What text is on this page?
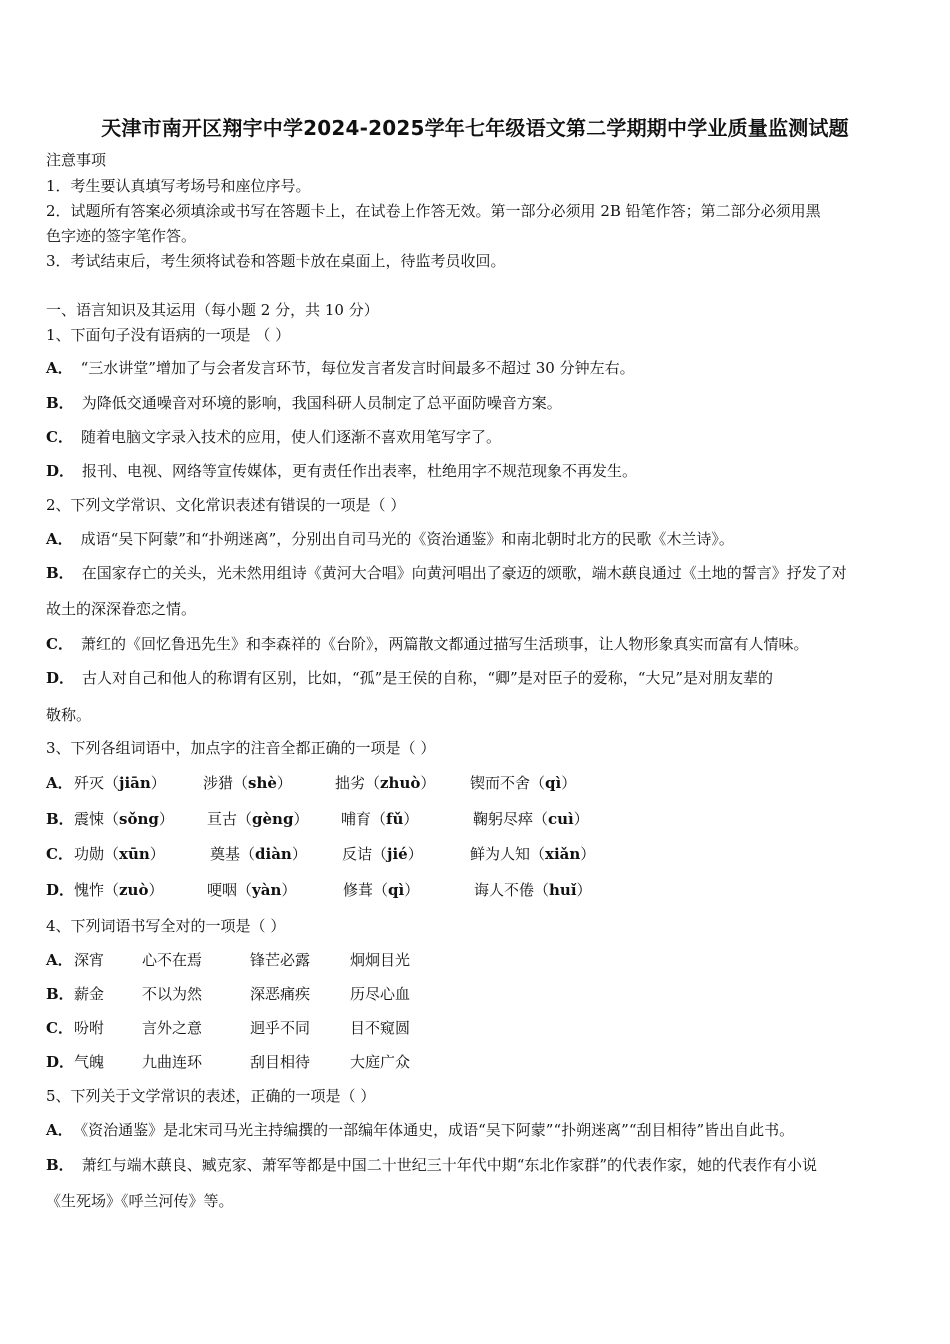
天津市南开区翔宇中学2024-2025学年七年级语文第二学期期中学业质量监测试题
注意事项
1．考生要认真填写考场号和座位序号。
2．试题所有答案必须填涂或书写在答题卡上，在试卷上作答无效。第一部分必须用 2B 铅笔作答；第二部分必须用黑
色字迹的签字笔作答。
3．考试结束后，考生须将试卷和答题卡放在桌面上，待监考员收回。
一、语言知识及其运用（每小题 2 分，共 10 分）
1、下面句子没有语病的一项是 （ ）
A． “三水讲堂”增加了与会者发言环节，每位发言者发言时间最多不超过 30 分钟左右。
B． 为降低交通噪音对环境的影响，我国科研人员制定了总平面防噪音方案。
C． 随着电脑文字录入技术的应用，使人们逐渐不喜欢用笔写字了。
D． 报刊、电视、网络等宣传媒体，更有责任作出表率，杜绝用字不规范现象不再发生。
2、下列文学常识、文化常识表述有错误的一项是（ ）
A． 成语“吴下阿蒙”和“扑朔迷离”，分别出自司马光的《资治通鉴》和南北朝时北方的民歌《木兰诗》。
B． 在国家存亡的关头，光未然用组诗《黄河大合唱》向黄河唱出了豪迈的颂歌，端木蕻良通过《土地的誓言》抒发了对
故土的深深眷恋之情。
C． 萧红的《回忆鲁迅先生》和李森祥的《台阶》，两篇散文都通过描写生活琐事，让人物形象真实而富有人情味。
D． 古人对自己和他人的称谓有区别，比如，“孤”是王侯的自称，“卿”是对臣子的爱称，“大兄”是对朋友辈的
敬称。
3、下列各组词语中，加点字的注音全都正确的一项是（ ）
A． 歼灭（jiān） 涉猎（shè）	拙劣（zhuò） 锲而不舍（qì）
B． 震悚（sǒng） 亘古（gèng） 哺育（fǔ）	鞠躬尽瘁（cuì）
C． 功勋（xūn）	奠基（diàn） 反诘（jié）	鲜为人知（xiǎn）
D． 愧怍（zuò）	哽咽（yàn）	修葺（qì）	诲人不倦（huǐ）
4、下列词语书写全对的一项是（ ）
A． 深宵	心不在焉	锋芒必露	炯炯目光
B． 薪金	不以为然	深恶痛疾	历尽心血
C． 吩咐	言外之意	迥乎不同	目不窥圆
D． 气魄	九曲连环	刮目相待	大庭广众
5、下列关于文学常识的表述，正确的一项是（ ）
A． 《资治通鉴》是北宋司马光主持编撰的一部编年体通史，成语“吴下阿蒙”“扑朔迷离”“刮目相待”皆出自此书。
B． 萧红与端木蕻良、臧克家、萧军等都是中国二十世纪三十年代中期“东北作家群”的代表作家，她的代表作有小说
《生死场》《呼兰河传》等。
